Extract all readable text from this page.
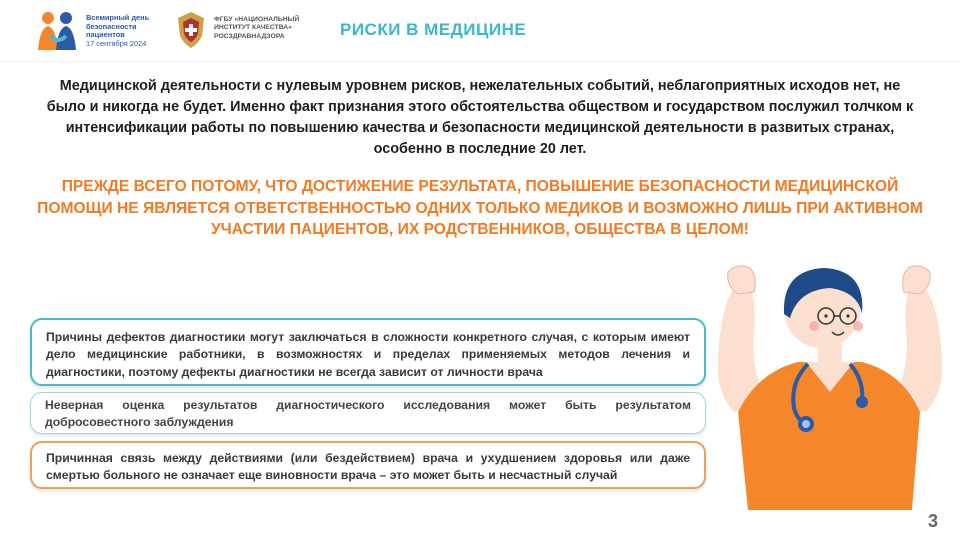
Всемирный день
безопасности
пациентов
17 сентября 2024
ФГБУ «НАЦИОНАЛЬНЫЙ
ИНСТИТУТ КАЧЕСТВА»
РОСЗДРАВНАДЗОРА	РИСКИ В МЕДИЦИНЕ
Медицинской деятельности с нулевым уровнем рисков, нежелательных событий, неблагоприятных исходов нет, не было и никогда не будет. Именно факт признания этого обстоятельства обществом и государством послужил толчком к интенсификации работы по повышению качества и безопасности медицинской деятельности в развитых странах, особенно в последние 20 лет.
ПРЕЖДЕ ВСЕГО ПОТОМУ, ЧТО ДОСТИЖЕНИЕ РЕЗУЛЬТАТА, ПОВЫШЕНИЕ БЕЗОПАСНОСТИ МЕДИЦИНСКОЙ ПОМОЩИ НЕ ЯВЛЯЕТСЯ ОТВЕТСТВЕННОСТЬЮ ОДНИХ ТОЛЬКО МЕДИКОВ И ВОЗМОЖНО ЛИШЬ ПРИ АКТИВНОМ УЧАСТИИ ПАЦИЕНТОВ, ИХ РОДСТВЕННИКОВ, ОБЩЕСТВА В ЦЕЛОМ!
Причины дефектов диагностики могут заключаться в сложности конкретного случая, с которым имеют дело медицинские работники, в возможностях и пределах применяемых методов лечения и диагностики, поэтому дефекты диагностики не всегда зависит от личности врача
Неверная оценка результатов диагностического исследования может быть результатом добросовестного заблуждения
Причинная связь между действиями (или бездействием) врача и ухудшением здоровья или даже смертью больного не означает еще виновности врача – это может быть и несчастный случай
3
